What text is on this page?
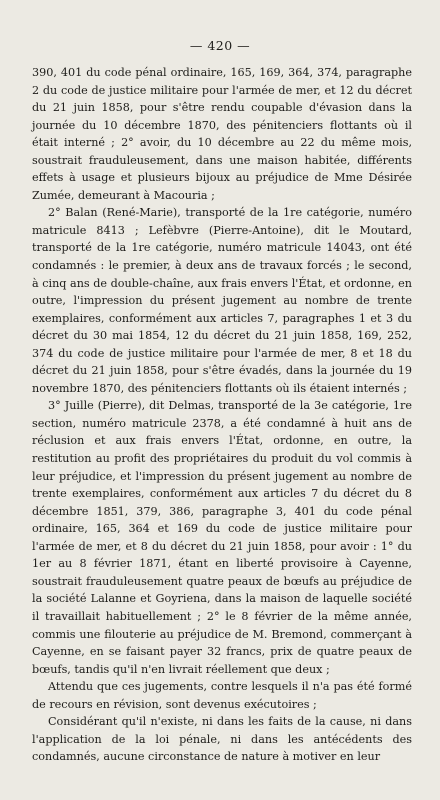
— 420 —

390, 401 du code pénal ordinaire, 165, 169, 364, 374, paragraphe 2 du code de justice militaire pour l'armée de mer, et 12 du décret du 21 juin 1858, pour s'être rendu coupable d'évasion dans la journée du 10 décembre 1870, des pénitenciers flottants où il était interné ; 2° avoir, du 10 décembre au 22 du même mois, soustrait frauduleusement, dans une maison habitée, différents effets à usage et plusieurs bijoux au préjudice de Mme Désirée Zumée, demeurant à Macouria ;

2° Balan (René-Marie), transporté de la 1re catégorie, numéro matricule 8413 ; Lefèbvre (Pierre-Antoine), dit le Moutard, transporté de la 1re catégorie, numéro matricule 14043, ont été condamnés : le premier, à deux ans de travaux forcés ; le second, à cinq ans de double-chaîne, aux frais envers l'État, et ordonne, en outre, l'impression du présent jugement au nombre de trente exemplaires, conformément aux articles 7, paragraphes 1 et 3 du décret du 30 mai 1854, 12 du décret du 21 juin 1858, 169, 252, 374 du code de justice militaire pour l'armée de mer, 8 et 18 du décret du 21 juin 1858, pour s'être évadés, dans la journée du 19 novembre 1870, des pénitenciers flottants où ils étaient internés ;

3° Juille (Pierre), dit Delmas, transporté de la 3e catégorie, 1re section, numéro matricule 2378, a été condamné à huit ans de réclusion et aux frais envers l'État, ordonne, en outre, la restitution au profit des propriétaires du produit du vol commis à leur préjudice, et l'impression du présent jugement au nombre de trente exemplaires, conformément aux articles 7 du décret du 8 décembre 1851, 379, 386, paragraphe 3, 401 du code pénal ordinaire, 165, 364 et 169 du code de justice militaire pour l'armée de mer, et 8 du décret du 21 juin 1858, pour avoir : 1° du 1er au 8 février 1871, étant en liberté provisoire à Cayenne, soustrait frauduleusement quatre peaux de bœufs au préjudice de la société Lalanne et Goyriena, dans la maison de laquelle société il travaillait habituellement ; 2° le 8 février de la même année, commis une filouterie au préjudice de M. Bremond, commerçant à Cayenne, en se faisant payer 32 francs, prix de quatre peaux de bœufs, tandis qu'il n'en livrait réellement que deux ;

Attendu que ces jugements, contre lesquels il n'a pas été formé de recours en révision, sont devenus exécutoires ;

Considérant qu'il n'existe, ni dans les faits de la cause, ni dans l'application de la loi pénale, ni dans les antécédents des condamnés, aucune circonstance de nature à motiver en leur
